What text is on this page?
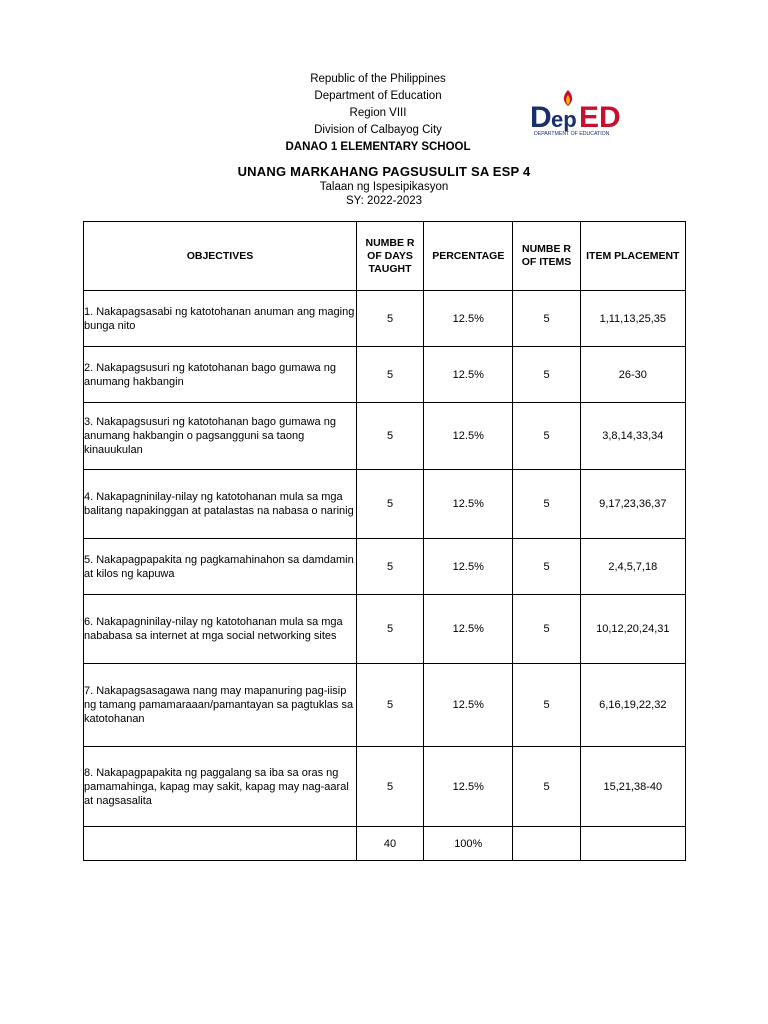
Republic of the Philippines
Department of Education
Region VIII
Division of Calbayog City
DANAO 1 ELEMENTARY SCHOOL
D ep ED
DEPARTMENT OF EDUCATION
UNANG MARKAHANG PAGSUSULIT SA ESP 4
Talaan ng Ispesipikasyon
SY: 2022-2023
OBJECTIVES	NUMBE R OF DAYS TAUGHT	PERCENTAGE	NUMBE R OF ITEMS	ITEM PLACEMENT
1. Nakapagsasabi ng katotohanan anuman ang maging bunga nito	5	12.5%	5	1,11,13,25,35
2. Nakapagsusuri ng katotohanan bago gumawa ng anumang hakbangin	5	12.5%	5	26-30
3. Nakapagsusuri ng katotohanan bago gumawa ng anumang hakbangin o pagsangguni sa taong kinauukulan	5	12.5%	5	3,8,14,33,34
4. Nakapagninilay-nilay ng katotohanan mula sa mga balitang napakinggan at patalastas na nabasa o narinig	5	12.5%	5	9,17,23,36,37
5. Nakapagpapakita ng pagkamahinahon sa damdamin at kilos ng kapuwa	5	12.5%	5	2,4,5,7,18
6. Nakapagninilay-nilay ng katotohanan mula sa mga nababasa sa internet at mga social networking sites	5	12.5%	5	10,12,20,24,31
7. Nakapagsasagawa nang may mapanuring pag-iisip ng tamang pamamaraaan/pamantayan sa pagtuklas sa katotohanan	5	12.5%	5	6,16,19,22,32
8. Nakapagpapakita ng paggalang sa iba sa oras ng pamamahinga, kapag may sakit, kapag may nag-aaral at nagsasalita	5	12.5%	5	15,21,38-40
	40	100%		
